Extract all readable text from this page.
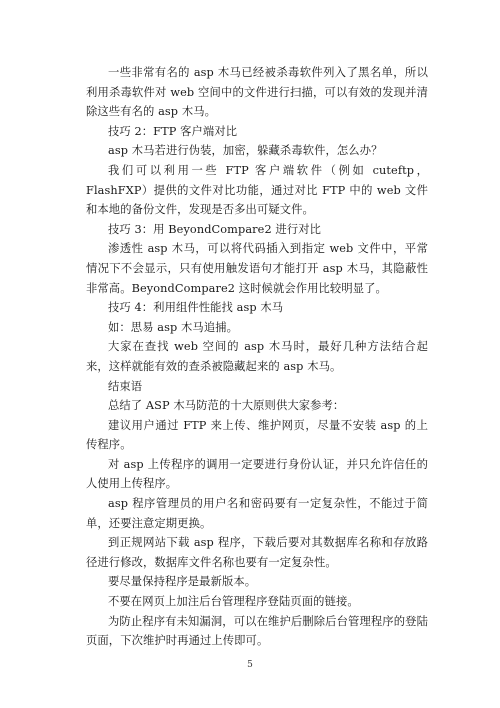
一些非常有名的 asp 木马已经被杀毒软件列入了黑名单，所以利用杀毒软件对 web 空间中的文件进行扫描，可以有效的发现并清除这些有名的 asp 木马。

技巧 2：FTP 客户端对比

asp 木马若进行伪装，加密，躲藏杀毒软件，怎么办？

我们可以利用一些 FTP 客户端软件（例如 cuteftp，FlashFXP）提供的文件对比功能，通过对比 FTP 中的 web 文件和本地的备份文件，发现是否多出可疑文件。

技巧 3：用 BeyondCompare2 进行对比

渗透性 asp 木马，可以将代码插入到指定 web 文件中，平常情况下不会显示，只有使用触发语句才能打开 asp 木马，其隐蔽性非常高。BeyondCompare2 这时候就会作用比较明显了。

技巧 4：利用组件性能找 asp 木马

如：思易 asp 木马追捕。

大家在查找 web 空间的 asp 木马时，最好几种方法结合起来，这样就能有效的查杀被隐藏起来的 asp 木马。

结束语

总结了 ASP 木马防范的十大原则供大家参考：

建议用户通过 FTP 来上传、维护网页，尽量不安装 asp 的上传程序。

对 asp 上传程序的调用一定要进行身份认证，并只允许信任的人使用上传程序。

asp 程序管理员的用户名和密码要有一定复杂性，不能过于简单，还要注意定期更换。

到正规网站下载 asp 程序，下载后要对其数据库名称和存放路径进行修改，数据库文件名称也要有一定复杂性。

要尽量保持程序是最新版本。

不要在网页上加注后台管理程序登陆页面的链接。

为防止程序有未知漏洞，可以在维护后删除后台管理程序的登陆页面，下次维护时再通过上传即可。

5
